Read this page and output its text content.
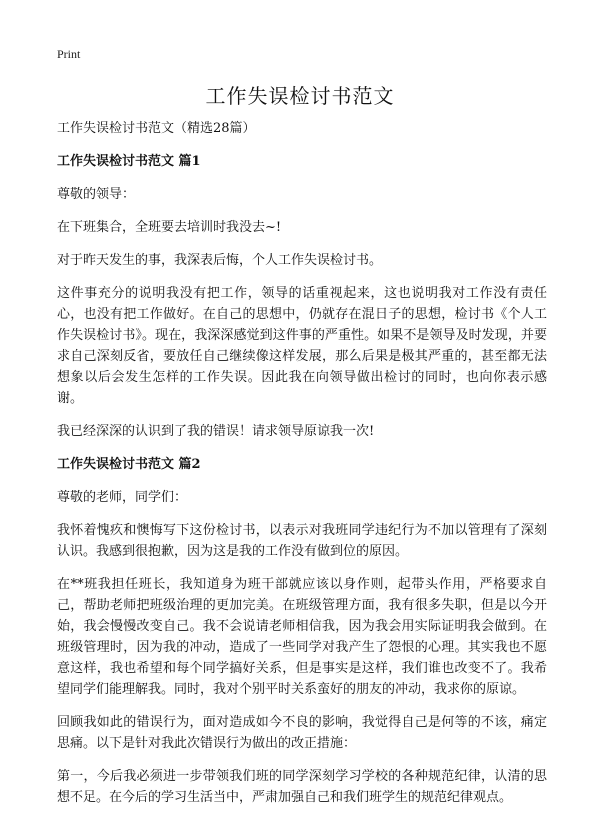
Print
工作失误检讨书范文

工作失误检讨书范文（精选28篇）

工作失误检讨书范文 篇1

尊敬的领导：

在下班集合，全班要去培训时我没去~!

对于昨天发生的事，我深表后悔，个人工作失误检讨书。

这件事充分的说明我没有把工作，领导的话重视起来，这也说明我对工作没有责任心，也没有把工作做好。在自己的思想中，仍就存在混日子的思想，检讨书《个人工作失误检讨书》。现在，我深深感觉到这件事的严重性。如果不是领导及时发现，并要求自己深刻反省，要放任自己继续像这样发展，那么后果是极其严重的，甚至都无法想象以后会发生怎样的工作失误。因此我在向领导做出检讨的同时，也向你表示感谢。

我已经深深的认识到了我的错误！请求领导原谅我一次!

工作失误检讨书范文 篇2

尊敬的老师，同学们：

我怀着愧疚和懊悔写下这份检讨书，以表示对我班同学违纪行为不加以管理有了深刻认识。我感到很抱歉，因为这是我的工作没有做到位的原因。

在**班我担任班长，我知道身为班干部就应该以身作则，起带头作用，严格要求自己，帮助老师把班级治理的更加完美。在班级管理方面，我有很多失职，但是以今开始，我会慢慢改变自己。我不会说请老师相信我，因为我会用实际证明我会做到。在班级管理时，因为我的冲动，造成了一些同学对我产生了怨恨的心理。其实我也不愿意这样，我也希望和每个同学搞好关系，但是事实是这样，我们谁也改变不了。我希望同学们能理解我。同时，我对个别平时关系蛮好的朋友的冲动，我求你的原谅。

回顾我如此的错误行为，面对造成如今不良的影响，我觉得自己是何等的不该，痛定思痛。以下是针对我此次错误行为做出的改正措施：

第一，今后我必须进一步带领我们班的同学深刻学习学校的各种规范纪律，认清的思想不足。在今后的学习生活当中，严肃加强自己和我们班学生的规范纪律观点。
